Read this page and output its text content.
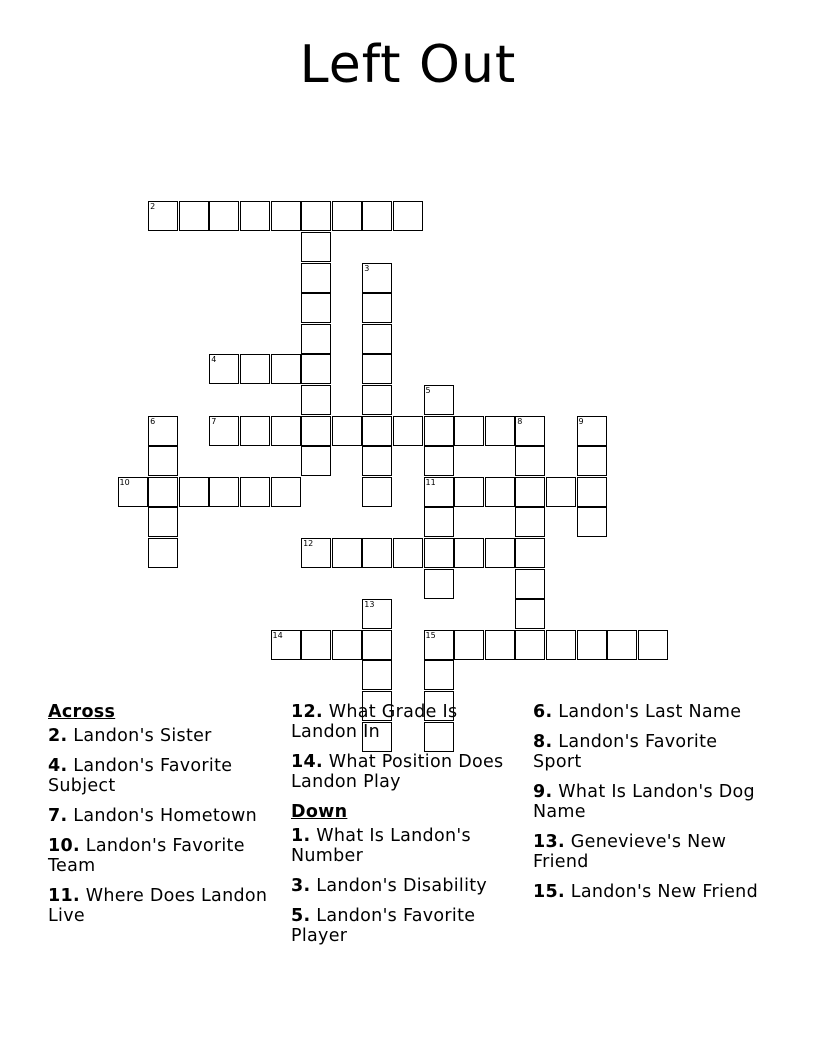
Left Out
2
3
4
5
6	8	9
7
10	11
12
13
14	15
Across
2. Landon's Sister
4. Landon's Favorite Subject
7. Landon's Hometown
10. Landon's Favorite Team
11. Where Does Landon Live
12. What Grade Is Landon In
14. What Position Does Landon Play
Down
1. What Is Landon's Number
3. Landon's Disability
5. Landon's Favorite Player
6. Landon's Last Name
8. Landon's Favorite Sport
9. What Is Landon's Dog Name
13. Genevieve's New Friend
15. Landon's New Friend
